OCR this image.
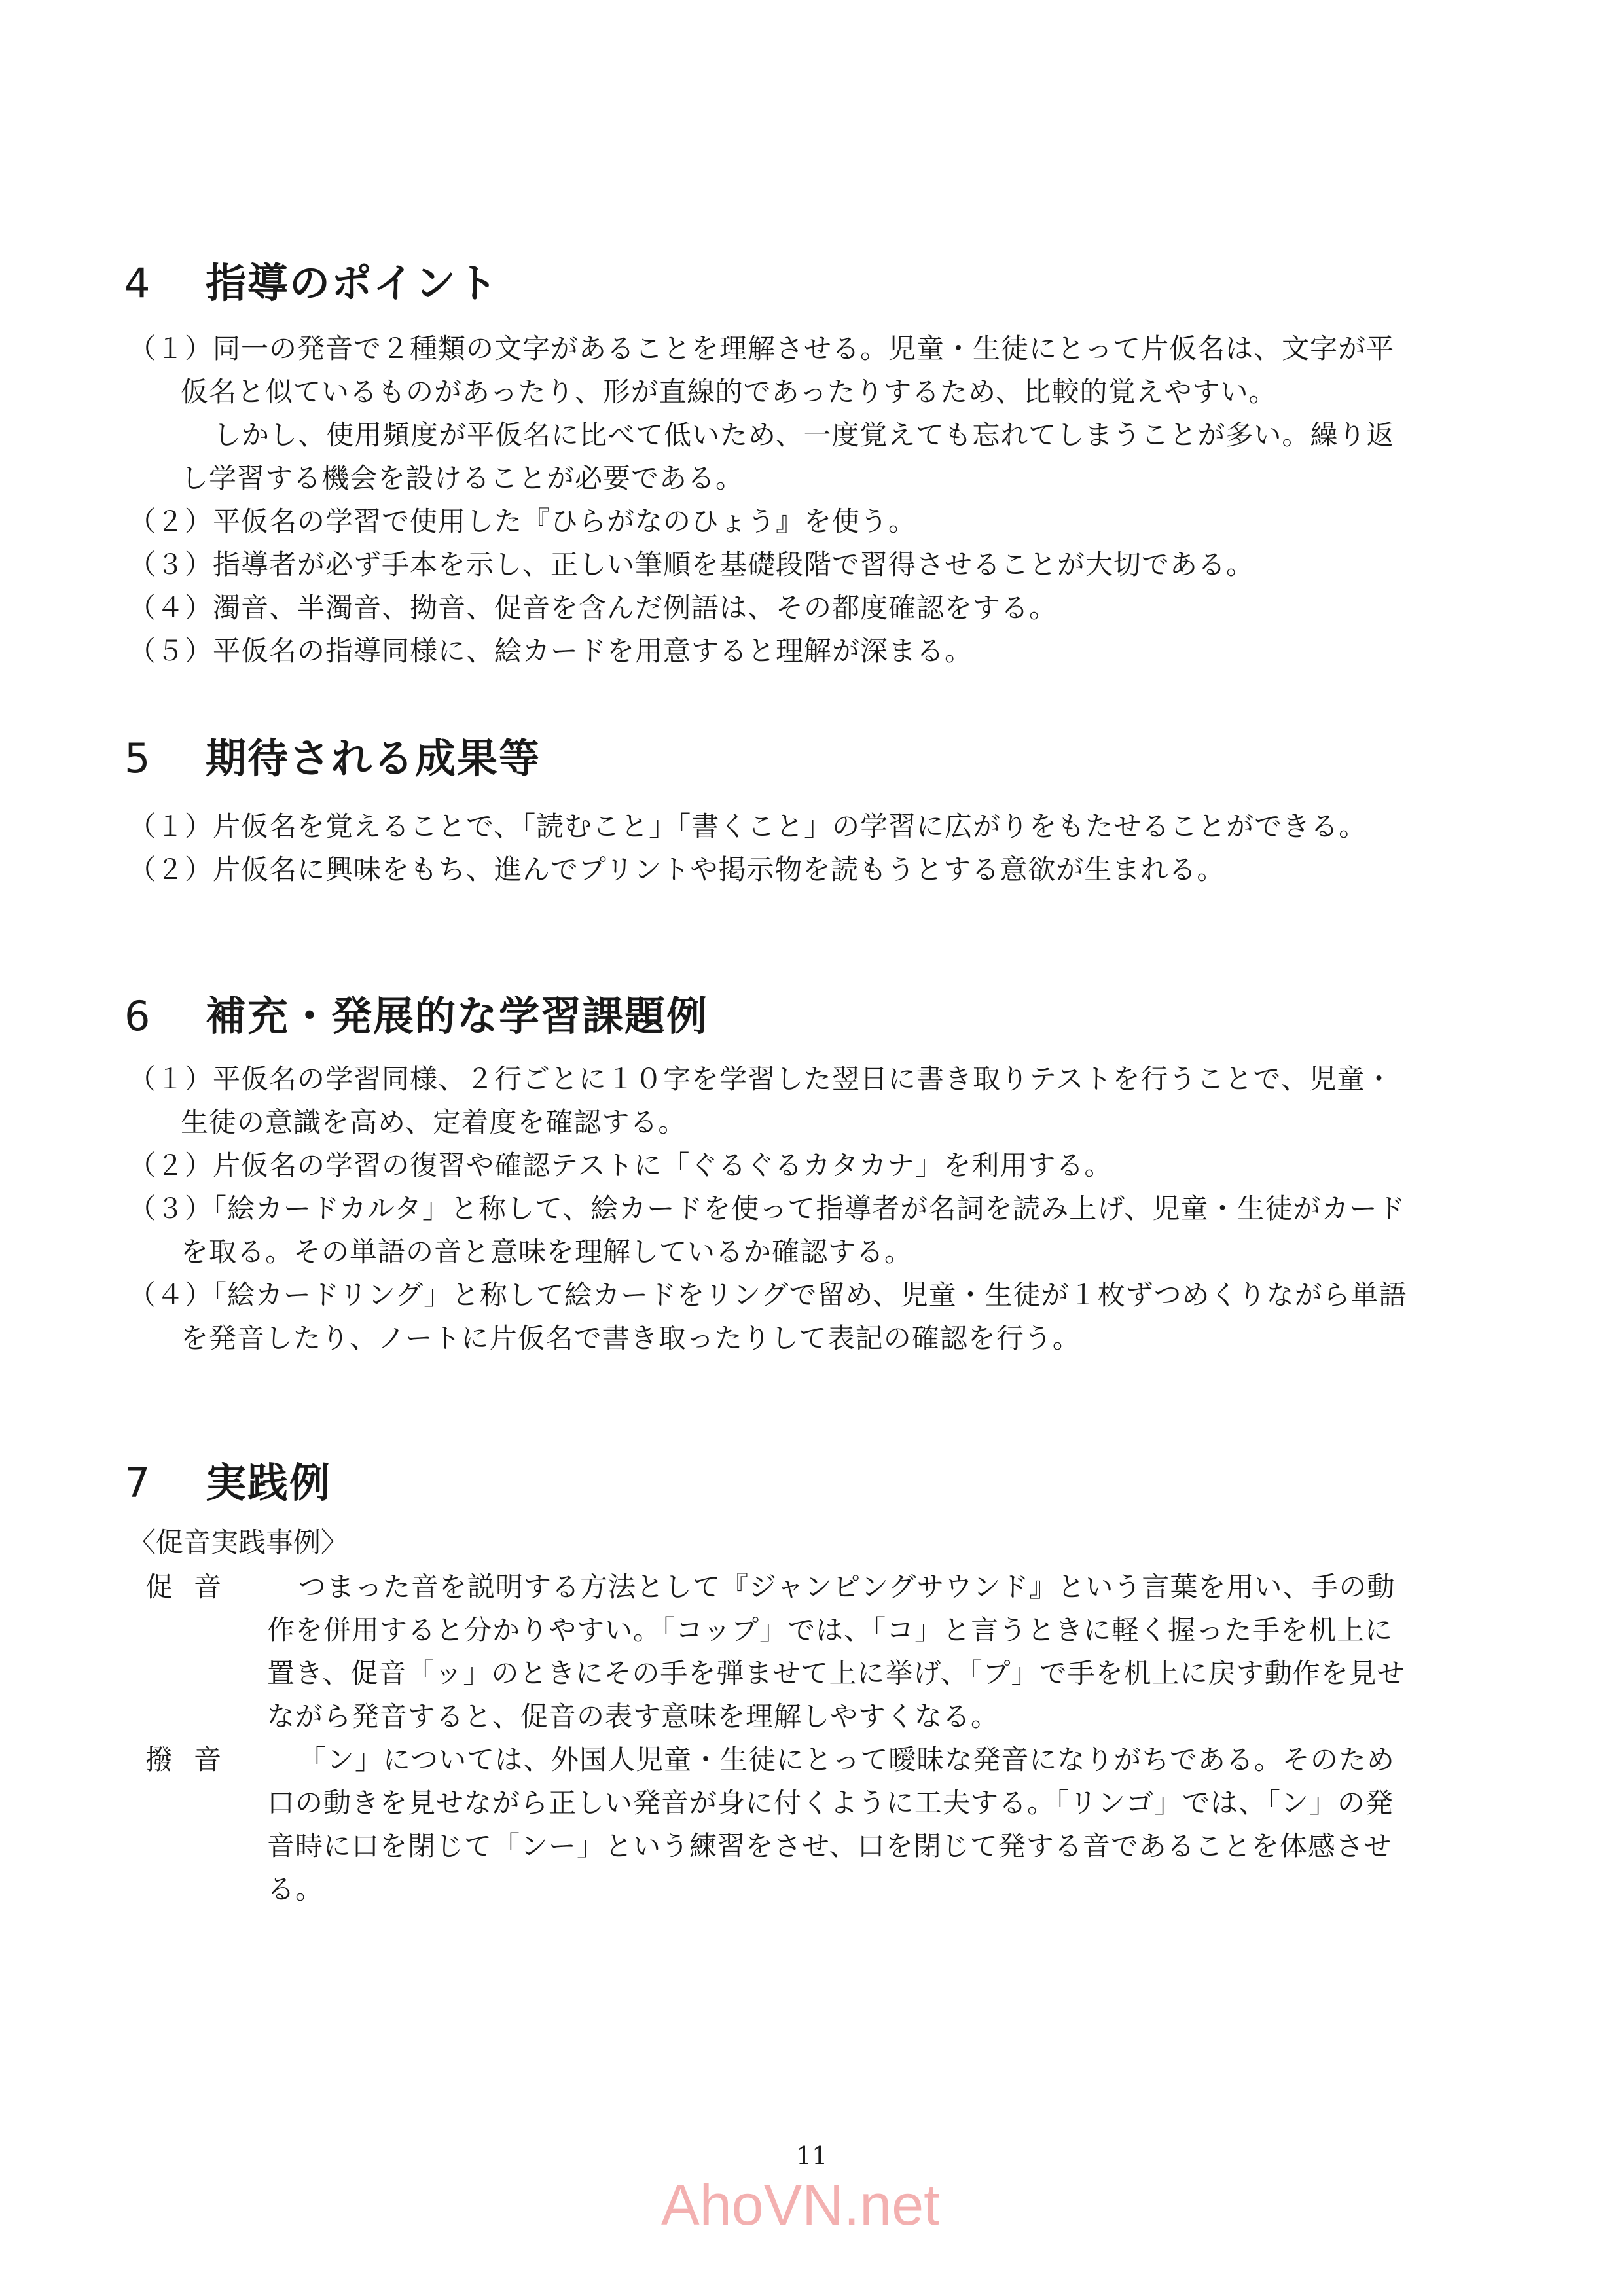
4 指導のポイント
（１）同一の発音で２種類の文字があることを理解させる。児童・生徒にとって片仮名は、文字が平
仮名と似ているものがあったり、形が直線的であったりするため、比較的覚えやすい。
しかし、使用頻度が平仮名に比べて低いため、一度覚えても忘れてしまうことが多い。繰り返
し学習する機会を設けることが必要である。
（２）平仮名の学習で使用した『ひらがなのひょう』を使う。
（３）指導者が必ず手本を示し、正しい筆順を基礎段階で習得させることが大切である。
（４）濁音、半濁音、拗音、促音を含んだ例語は、その都度確認をする。
（５）平仮名の指導同様に、絵カードを用意すると理解が深まる。
5 期待される成果等
（１）片仮名を覚えることで、「読むこと」「書くこと」の学習に広がりをもたせることができる。
（２）片仮名に興味をもち、進んでプリントや掲示物を読もうとする意欲が生まれる。
6 補充・発展的な学習課題例
（１）平仮名の学習同様、２行ごとに１０字を学習した翌日に書き取りテストを行うことで、児童・
生徒の意識を高め、定着度を確認する。
（２）片仮名の学習の復習や確認テストに「ぐるぐるカタカナ」を利用する。
（３）「絵カードカルタ」と称して、絵カードを使って指導者が名詞を読み上げ、児童・生徒がカード
を取る。その単語の音と意味を理解しているか確認する。
（４）「絵カードリング」と称して絵カードをリングで留め、児童・生徒が１枚ずつめくりながら単語
を発音したり、ノートに片仮名で書き取ったりして表記の確認を行う。
7 実践例
〈促音実践事例〉
促音 つまった音を説明する方法として『ジャンピングサウンド』という言葉を用い、手の動
作を併用すると分かりやすい。「コップ」では、「コ」と言うときに軽く握った手を机上に
置き、促音「ッ」のときにその手を弾ませて上に挙げ、「プ」で手を机上に戻す動作を見せ
ながら発音すると、促音の表す意味を理解しやすくなる。
撥音 「ン」については、外国人児童・生徒にとって曖昧な発音になりがちである。そのため
口の動きを見せながら正しい発音が身に付くように工夫する。「リンゴ」では、「ン」の発
音時に口を閉じて「ンー」という練習をさせ、口を閉じて発する音であることを体感させ
る。
11
AhoVN.net
